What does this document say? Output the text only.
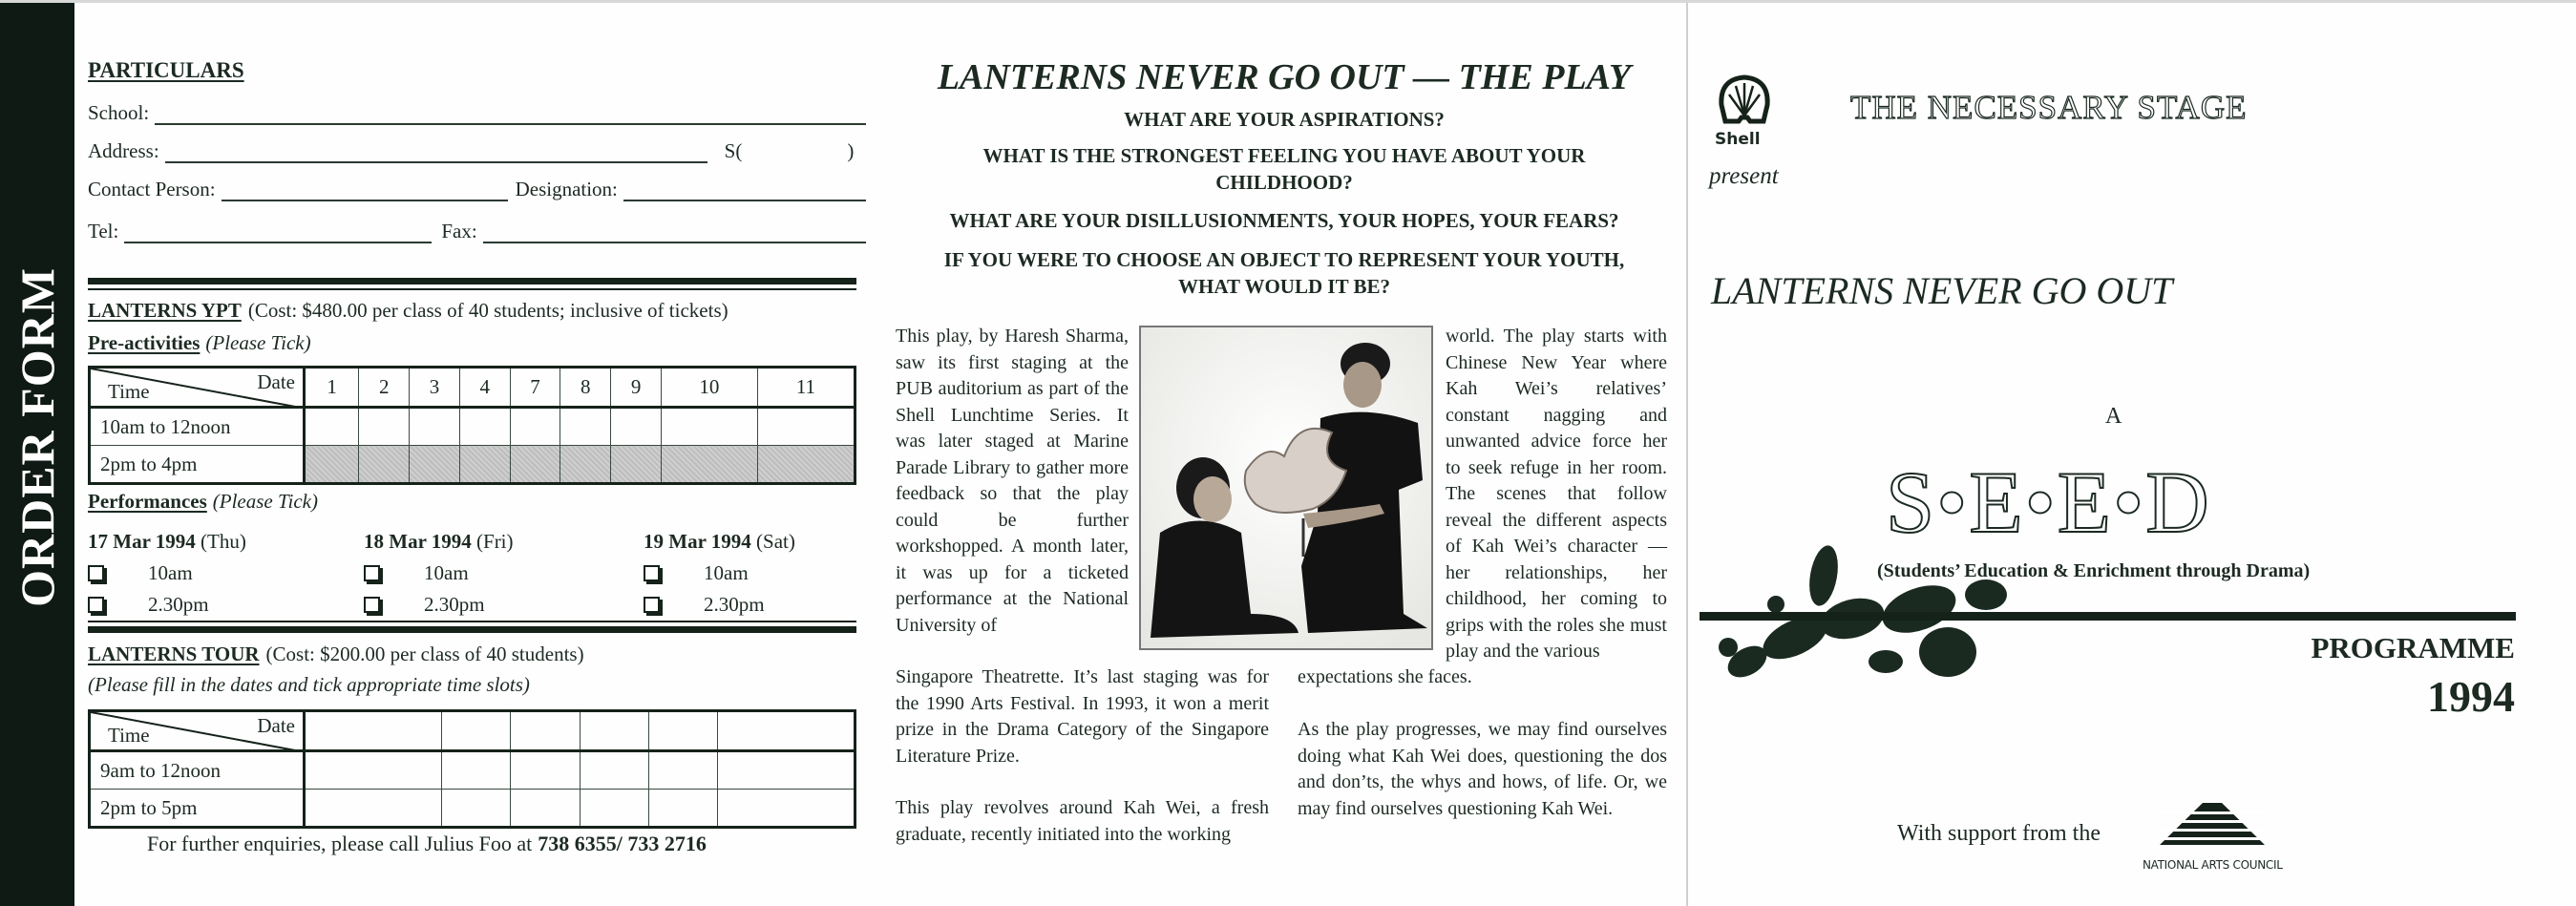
ORDER FORM
PARTICULARS
School:
Address:	S(	)
Contact Person:	Designation:
Tel:	Fax:
LANTERNS YPT (Cost: $480.00 per class of 40 students; inclusive of tickets)
Pre-activities (Please Tick)
Date
Time	1	2	3	4	7	8	9	10	11
10am to 12noon									
2pm to 4pm									
Performances (Please Tick)
17 Mar 1994 (Thu)
10am
2.30pm
18 Mar 1994 (Fri)
10am
2.30pm
19 Mar 1994 (Sat)
10am
2.30pm
LANTERNS TOUR (Cost: $200.00 per class of 40 students)
(Please fill in the dates and tick appropriate time slots)
Date
Time						

9am to 12noon						
2pm to 5pm						
For further enquiries, please call Julius Foo at 738 6355/ 733 2716
LANTERNS NEVER GO OUT — THE PLAY
WHAT ARE YOUR ASPIRATIONS?
WHAT IS THE STRONGEST FEELING YOU HAVE ABOUT YOUR CHILDHOOD?
WHAT ARE YOUR DISILLUSIONMENTS, YOUR HOPES, YOUR FEARS?
IF YOU WERE TO CHOOSE AN OBJECT TO REPRESENT YOUR YOUTH, WHAT WOULD IT BE?
This play, by Haresh Sharma, saw its first staging at the PUB auditorium as part of the Shell Lunchtime Series. It was later staged at Marine Parade Library to gather more feedback so that the play could be further workshopped. A month later, it was up for a ticketed performance at the National University of
Singapore Theatrette. It’s last staging was for the 1990 Arts Festival. In 1993, it won a merit prize in the Drama Category of the Singapore Literature Prize.
This play revolves around Kah Wei, a fresh graduate, recently initiated into the working
world. The play starts with Chinese New Year where Kah Wei’s relatives’ constant nagging and unwanted advice force her to seek refuge in her room. The scenes that follow reveal the different aspects of Kah Wei’s character — her relationships, her childhood, her coming to grips with the roles she must play and the various
expectations she faces.
As the play progresses, we may find ourselves doing what Kah Wei does, questioning the dos and don’ts, the whys and hows, of life. Or, we may find ourselves questioning Kah Wei.
Shell
THE NECESSARY STAGE
present
LANTERNS NEVER GO OUT
A
S•E•E•D
(Students’ Education & Enrichment through Drama)
PROGRAMME
1994
With support from the
NATIONAL ARTS COUNCIL
